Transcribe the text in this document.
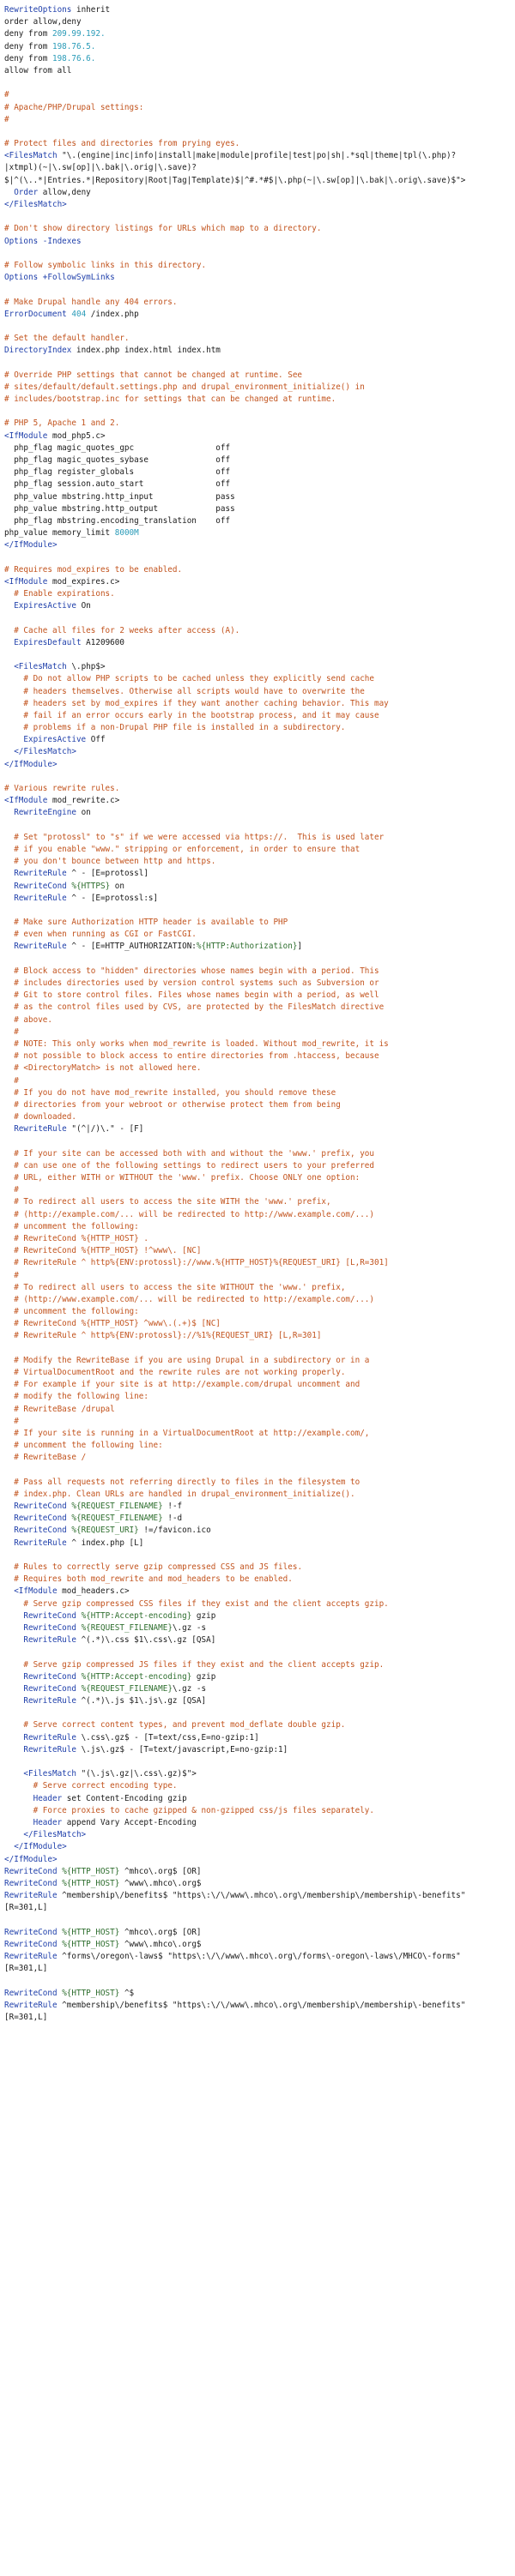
RewriteOptions inherit
order allow,deny
deny from 209.99.192.
deny from 198.76.5.
deny from 198.76.6.
allow from all
#
# Apache/PHP/Drupal settings:
#
# Protect files and directories from prying eyes.
<FilesMatch "\.(engine|inc|info|install|make|module|profile|test|po|sh|.*sql|theme|tpl(\.php)?
|xtmpl)(~|\.sw[op]|\.bak|\.orig|\.save)?
$|^(\..*|Entries.*|Repository|Root|Tag|Template)$|^#.*#$|\.php(~|\.sw[op]|\.bak|\.orig\.save)$">
Order allow,deny
</FilesMatch>
# Don't show directory listings for URLs which map to a directory.
Options -Indexes
# Follow symbolic links in this directory.
Options +FollowSymLinks
# Make Drupal handle any 404 errors.
ErrorDocument 404 /index.php
# Set the default handler.
DirectoryIndex index.php index.html index.htm
# Override PHP settings that cannot be changed at runtime. See
# sites/default/default.settings.php and drupal_environment_initialize() in
# includes/bootstrap.inc for settings that can be changed at runtime.
# PHP 5, Apache 1 and 2.
<IfModule mod_php5.c>
php_flag magic_quotes_gpc                 off
php_flag magic_quotes_sybase              off
php_flag register_globals                 off
php_flag session.auto_start               off
php_value mbstring.http_input             pass
php_value mbstring.http_output            pass
php_flag mbstring.encoding_translation    off
php_value memory_limit 8000M
</IfModule>
# Requires mod_expires to be enabled.
<IfModule mod_expires.c>
# Enable expirations.
ExpiresActive On
# Cache all files for 2 weeks after access (A).
ExpiresDefault A1209600
<FilesMatch \.php$>
# Do not allow PHP scripts to be cached unless they explicitly send cache
# headers themselves. Otherwise all scripts would have to overwrite the
# headers set by mod_expires if they want another caching behavior. This may
# fail if an error occurs early in the bootstrap process, and it may cause
# problems if a non-Drupal PHP file is installed in a subdirectory.
ExpiresActive Off
</FilesMatch>
</IfModule>
# Various rewrite rules.
<IfModule mod_rewrite.c>
RewriteEngine on
# Set "protossl" to "s" if we were accessed via https://.  This is used later
# if you enable "www." stripping or enforcement, in order to ensure that
# you don't bounce between http and https.
RewriteRule ^ - [E=protossl]
RewriteCond %{HTTPS} on
RewriteRule ^ - [E=protossl:s]
# Make sure Authorization HTTP header is available to PHP
# even when running as CGI or FastCGI.
RewriteRule ^ - [E=HTTP_AUTHORIZATION:%{HTTP:Authorization}]
# Block access to "hidden" directories whose names begin with a period. This
# includes directories used by version control systems such as Subversion or
# Git to store control files. Files whose names begin with a period, as well
# as the control files used by CVS, are protected by the FilesMatch directive
# above.
#
# NOTE: This only works when mod_rewrite is loaded. Without mod_rewrite, it is
# not possible to block access to entire directories from .htaccess, because
# <DirectoryMatch> is not allowed here.
#
# If you do not have mod_rewrite installed, you should remove these
# directories from your webroot or otherwise protect them from being
# downloaded.
RewriteRule "(^|/)\." - [F]
# If your site can be accessed both with and without the 'www.' prefix, you
# can use one of the following settings to redirect users to your preferred
# URL, either WITH or WITHOUT the 'www.' prefix. Choose ONLY one option:
#
# To redirect all users to access the site WITH the 'www.' prefix,
# (http://example.com/... will be redirected to http://www.example.com/...)
# uncomment the following:
# RewriteCond %{HTTP_HOST} .
# RewriteCond %{HTTP_HOST} !^www\. [NC]
# RewriteRule ^ http%{ENV:protossl}://www.%{HTTP_HOST}%{REQUEST_URI} [L,R=301]
#
# To redirect all users to access the site WITHOUT the 'www.' prefix,
# (http://www.example.com/... will be redirected to http://example.com/...)
# uncomment the following:
# RewriteCond %{HTTP_HOST} ^www\.(.+)$ [NC]
# RewriteRule ^ http%{ENV:protossl}://%1%{REQUEST_URI} [L,R=301]
# Modify the RewriteBase if you are using Drupal in a subdirectory or in a
# VirtualDocumentRoot and the rewrite rules are not working properly.
# For example if your site is at http://example.com/drupal uncomment and
# modify the following line:
# RewriteBase /drupal
#
# If your site is running in a VirtualDocumentRoot at http://example.com/,
# uncomment the following line:
# RewriteBase /
# Pass all requests not referring directly to files in the filesystem to
# index.php. Clean URLs are handled in drupal_environment_initialize().
RewriteCond %{REQUEST_FILENAME} !-f
RewriteCond %{REQUEST_FILENAME} !-d
RewriteCond %{REQUEST_URI} !=/favicon.ico
RewriteRule ^ index.php [L]
# Rules to correctly serve gzip compressed CSS and JS files.
# Requires both mod_rewrite and mod_headers to be enabled.
<IfModule mod_headers.c>
# Serve gzip compressed CSS files if they exist and the client accepts gzip.
RewriteCond %{HTTP:Accept-encoding} gzip
RewriteCond %{REQUEST_FILENAME}\.gz -s
RewriteRule ^(.*)\.css $1\.css\.gz [QSA]
# Serve gzip compressed JS files if they exist and the client accepts gzip.
RewriteCond %{HTTP:Accept-encoding} gzip
RewriteCond %{REQUEST_FILENAME}\.gz -s
RewriteRule ^(.*)\.js $1\.js\.gz [QSA]
# Serve correct content types, and prevent mod_deflate double gzip.
RewriteRule \.css\.gz$ - [T=text/css,E=no-gzip:1]
RewriteRule \.js\.gz$ - [T=text/javascript,E=no-gzip:1]
<FilesMatch "(\.js\.gz|\.css\.gz)$">
# Serve correct encoding type.
Header set Content-Encoding gzip
# Force proxies to cache gzipped & non-gzipped css/js files separately.
Header append Vary Accept-Encoding
</FilesMatch>
</IfModule>
</IfModule>
RewriteCond %{HTTP_HOST} ^mhco\.org$ [OR]
RewriteCond %{HTTP_HOST} ^www\.mhco\.org$
RewriteRule ^membership\/benefits$ "https\:\/\/www\.mhco\.org\/membership\/membership\-benefits"
[R=301,L]
RewriteCond %{HTTP_HOST} ^mhco\.org$ [OR]
RewriteCond %{HTTP_HOST} ^www\.mhco\.org$
RewriteRule ^forms\/oregon\-laws$ "https\:\/\/www\.mhco\.org\/forms\-oregon\-laws\/MHCO\-forms"
[R=301,L]
RewriteCond %{HTTP_HOST} ^$
RewriteRule ^membership\/benefits$ "https\:\/\/www\.mhco\.org\/membership\/membership\-benefits"
[R=301,L]
